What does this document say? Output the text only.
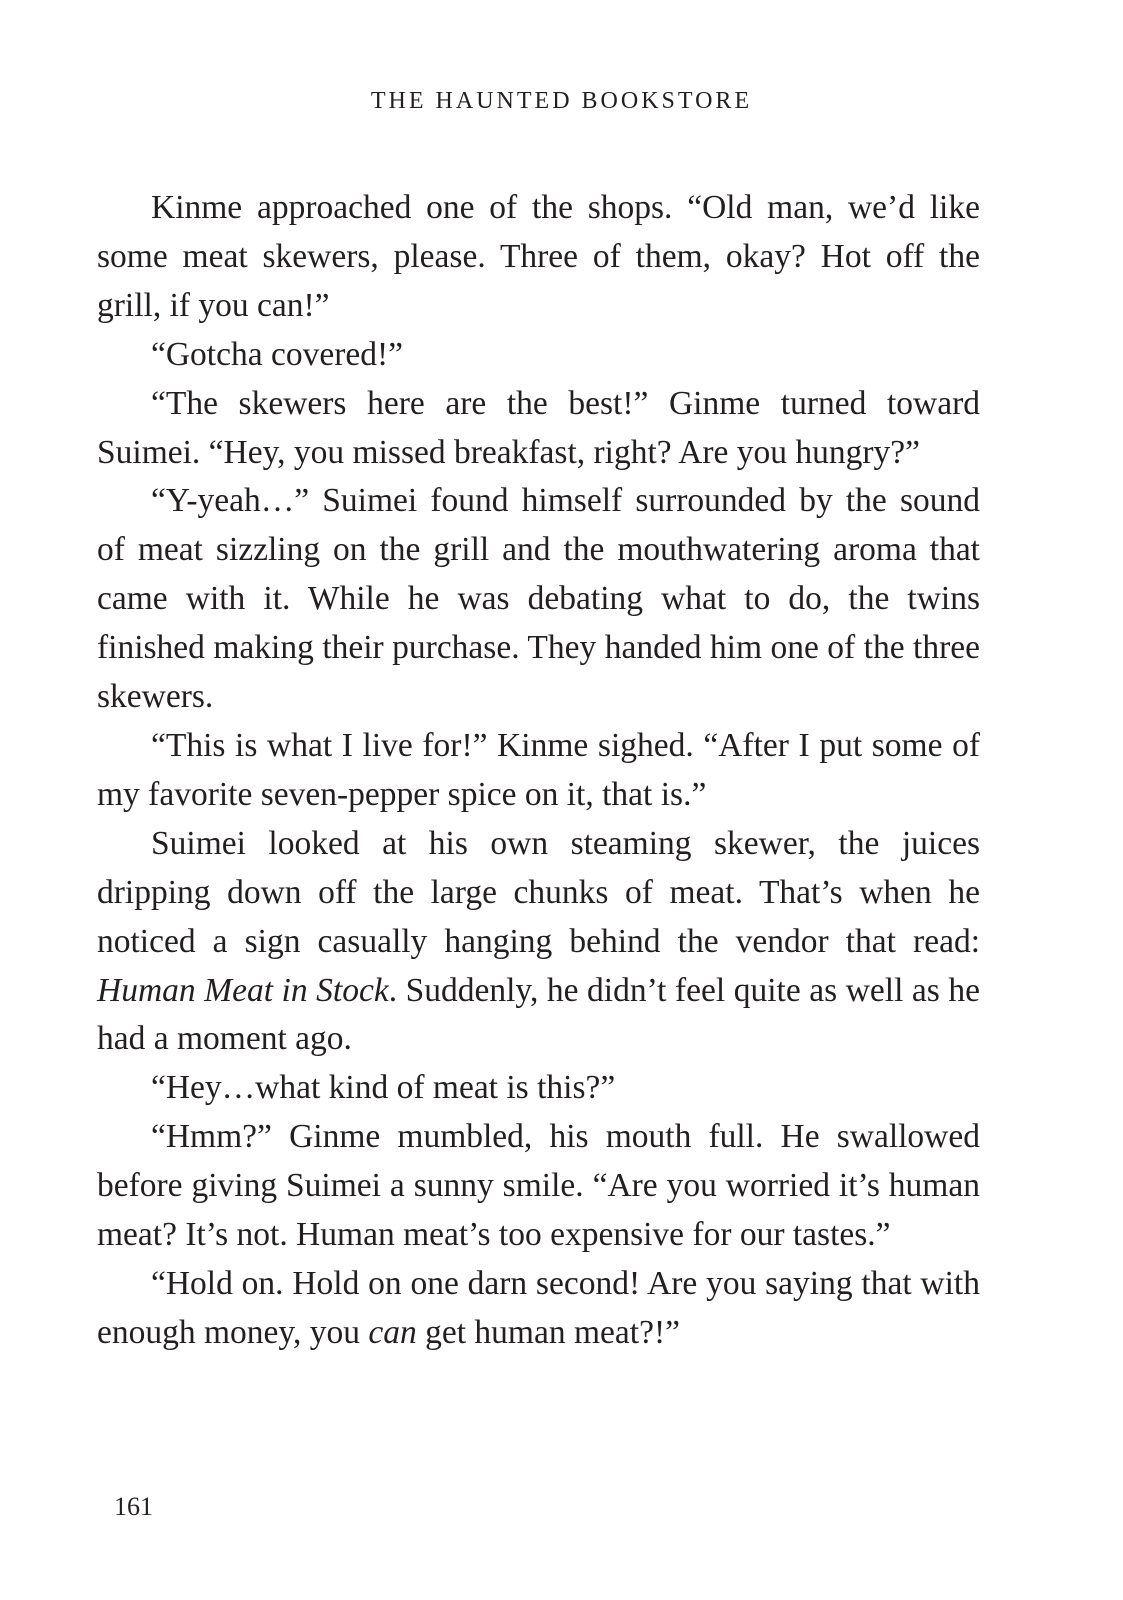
THE HAUNTED BOOKSTORE

Kinme approached one of the shops. “Old man, we’d like some meat skewers, please. Three of them, okay? Hot off the grill, if you can!”

“Gotcha covered!”

“The skewers here are the best!” Ginme turned toward Suimei. “Hey, you missed breakfast, right? Are you hungry?”

“Y-yeah…” Suimei found himself surrounded by the sound of meat sizzling on the grill and the mouthwatering aroma that came with it. While he was debating what to do, the twins finished making their purchase. They handed him one of the three skewers.

“This is what I live for!” Kinme sighed. “After I put some of my favorite seven-pepper spice on it, that is.”

Suimei looked at his own steaming skewer, the juices dripping down off the large chunks of meat. That’s when he noticed a sign casually hanging behind the vendor that read: Human Meat in Stock. Suddenly, he didn’t feel quite as well as he had a moment ago.

“Hey…what kind of meat is this?”

“Hmm?” Ginme mumbled, his mouth full. He swallowed before giving Suimei a sunny smile. “Are you worried it’s human meat? It’s not. Human meat’s too expensive for our tastes.”

“Hold on. Hold on one darn second! Are you saying that with enough money, you can get human meat?!”

161
